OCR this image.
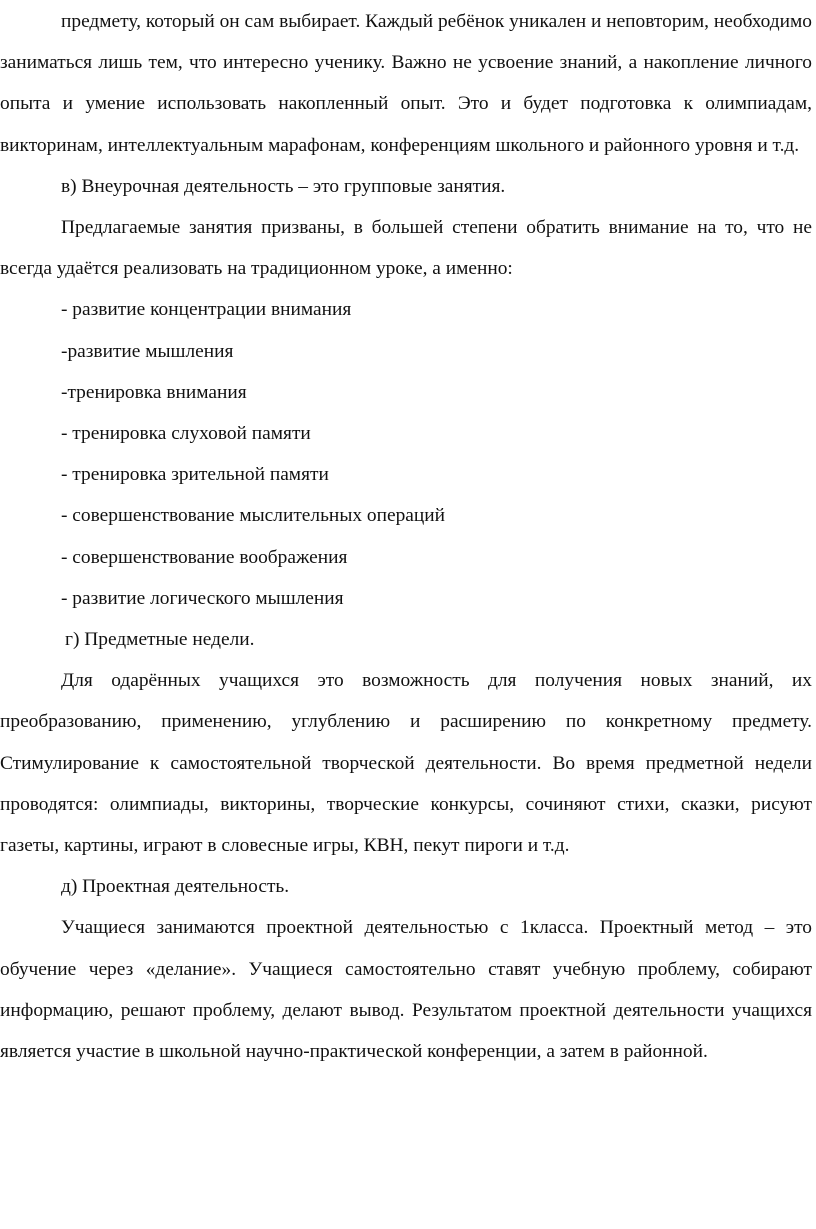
предмету, который он сам выбирает. Каждый ребёнок уникален и неповторим, необходимо заниматься лишь тем, что интересно ученику. Важно не усвоение знаний, а накопление личного опыта и умение использовать накопленный опыт. Это и будет подготовка к олимпиадам, викторинам, интеллектуальным марафонам, конференциям школьного и районного уровня и т.д.

в) Внеурочная деятельность – это групповые занятия.

Предлагаемые занятия призваны, в большей степени обратить внимание на то, что не всегда удаётся реализовать на традиционном уроке, а именно:

- развитие концентрации внимания

-развитие мышления

-тренировка внимания

- тренировка слуховой памяти

- тренировка зрительной памяти

- совершенствование мыслительных операций

- совершенствование воображения

- развитие логического мышления

г) Предметные недели.

Для одарённых учащихся это возможность для получения новых знаний, их преобразованию, применению, углублению и расширению по конкретному предмету. Стимулирование к самостоятельной творческой деятельности. Во время предметной недели проводятся: олимпиады, викторины, творческие конкурсы, сочиняют стихи, сказки, рисуют газеты, картины, играют в словесные игры, КВН, пекут пироги и т.д.

д) Проектная деятельность.

Учащиеся занимаются проектной деятельностью с 1класса. Проектный метод – это обучение через «делание». Учащиеся самостоятельно ставят учебную проблему, собирают информацию, решают проблему, делают вывод. Результатом проектной деятельности учащихся является участие в школьной научно-практической конференции, а затем в районной.
